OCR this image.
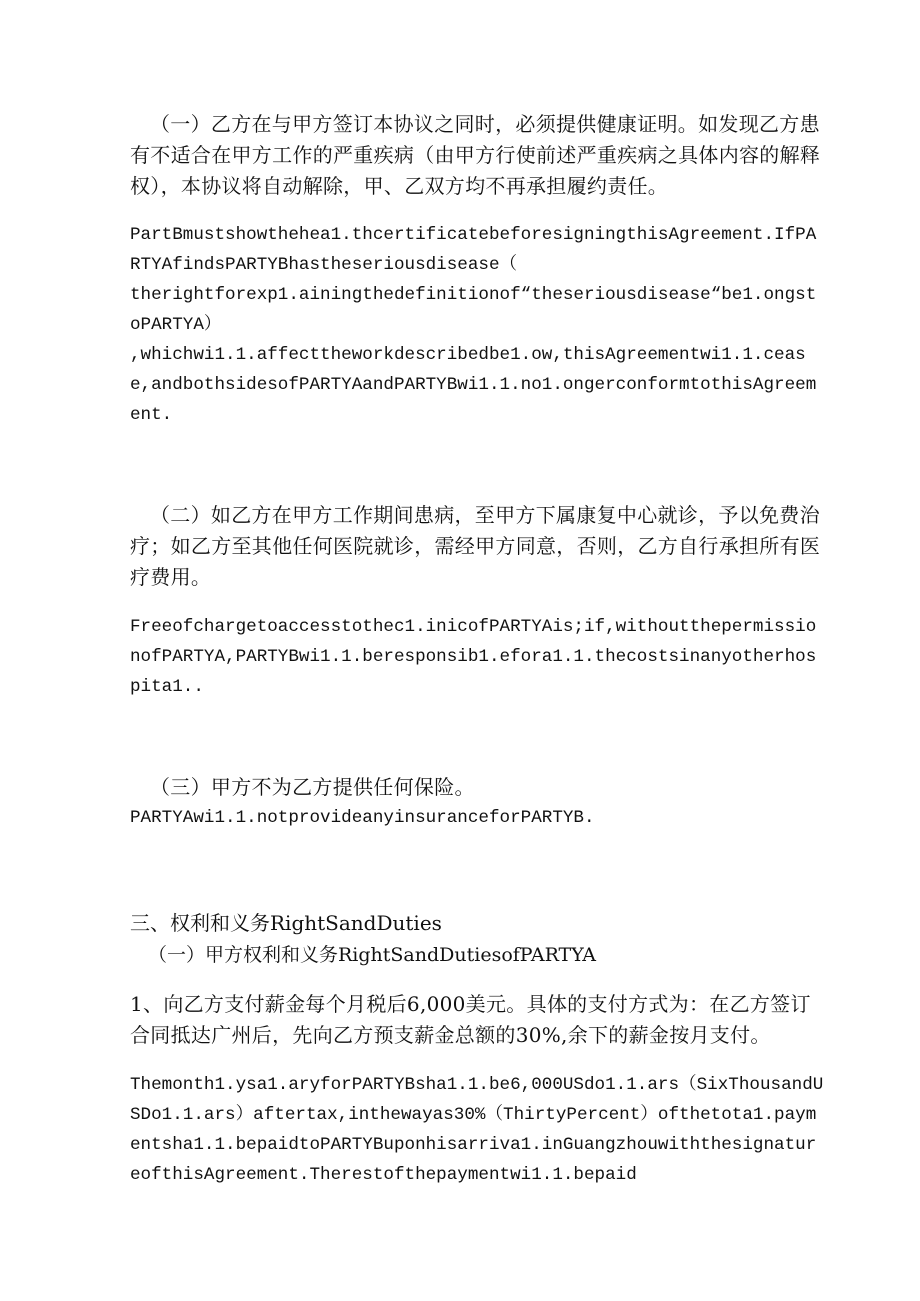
（一）乙方在与甲方签订本协议之同时，必须提供健康证明。如发现乙方患有不适合在甲方工作的严重疾病（由甲方行使前述严重疾病之具体内容的解释权），本协议将自动解除，甲、乙双方均不再承担履约责任。
PartBmustshowthehea1.thcertificatebeforesigningthisAgreement.IfPARTYAfindsPARTYBhastheseriousdisease（
therightforexp1.ainingthedefinitionof“theseriousdisease“be1.ongstoPARTYA）
,whichwi1.1.affecttheworkdescribedbe1.ow,thisAgreementwi1.1.cease,andbothsidesofPARTYAandPARTYBwi1.1.no1.ongerconformtothisAgreement.
（二）如乙方在甲方工作期间患病，至甲方下属康复中心就诊，予以免费治疗；如乙方至其他任何医院就诊，需经甲方同意，否则，乙方自行承担所有医疗费用。
Freeofchargetoaccesstothec1.inicofPARTYAis;if,withoutthepermissionofPARTYA,PARTYBwi1.1.beresponsib1.efora1.1.thecostsinanyotherhospita1..
（三）甲方不为乙方提供任何保险。
PARTYAwi1.1.notprovideanyinsuranceforPARTYB.
三、权利和义务RightSandDuties
（一）甲方权利和义务RightSandDutiesofPARTYA
1、向乙方支付薪金每个月税后6,000美元。具体的支付方式为：在乙方签订合同抵达广州后，先向乙方预支薪金总额的30%,余下的薪金按月支付。
Themonth1.ysa1.aryforPARTYBsha1.1.be6,000USdo1.1.ars（SixThousandUSDo1.1.ars）aftertax,inthewayas30%（ThirtyPercent）ofthetota1.paymentsha1.1.bepaidtoPARTYBuponhisarriva1.inGuangzhouwiththesignatureofthisAgreement.Therestofthepaymentwi1.1.bepaid
